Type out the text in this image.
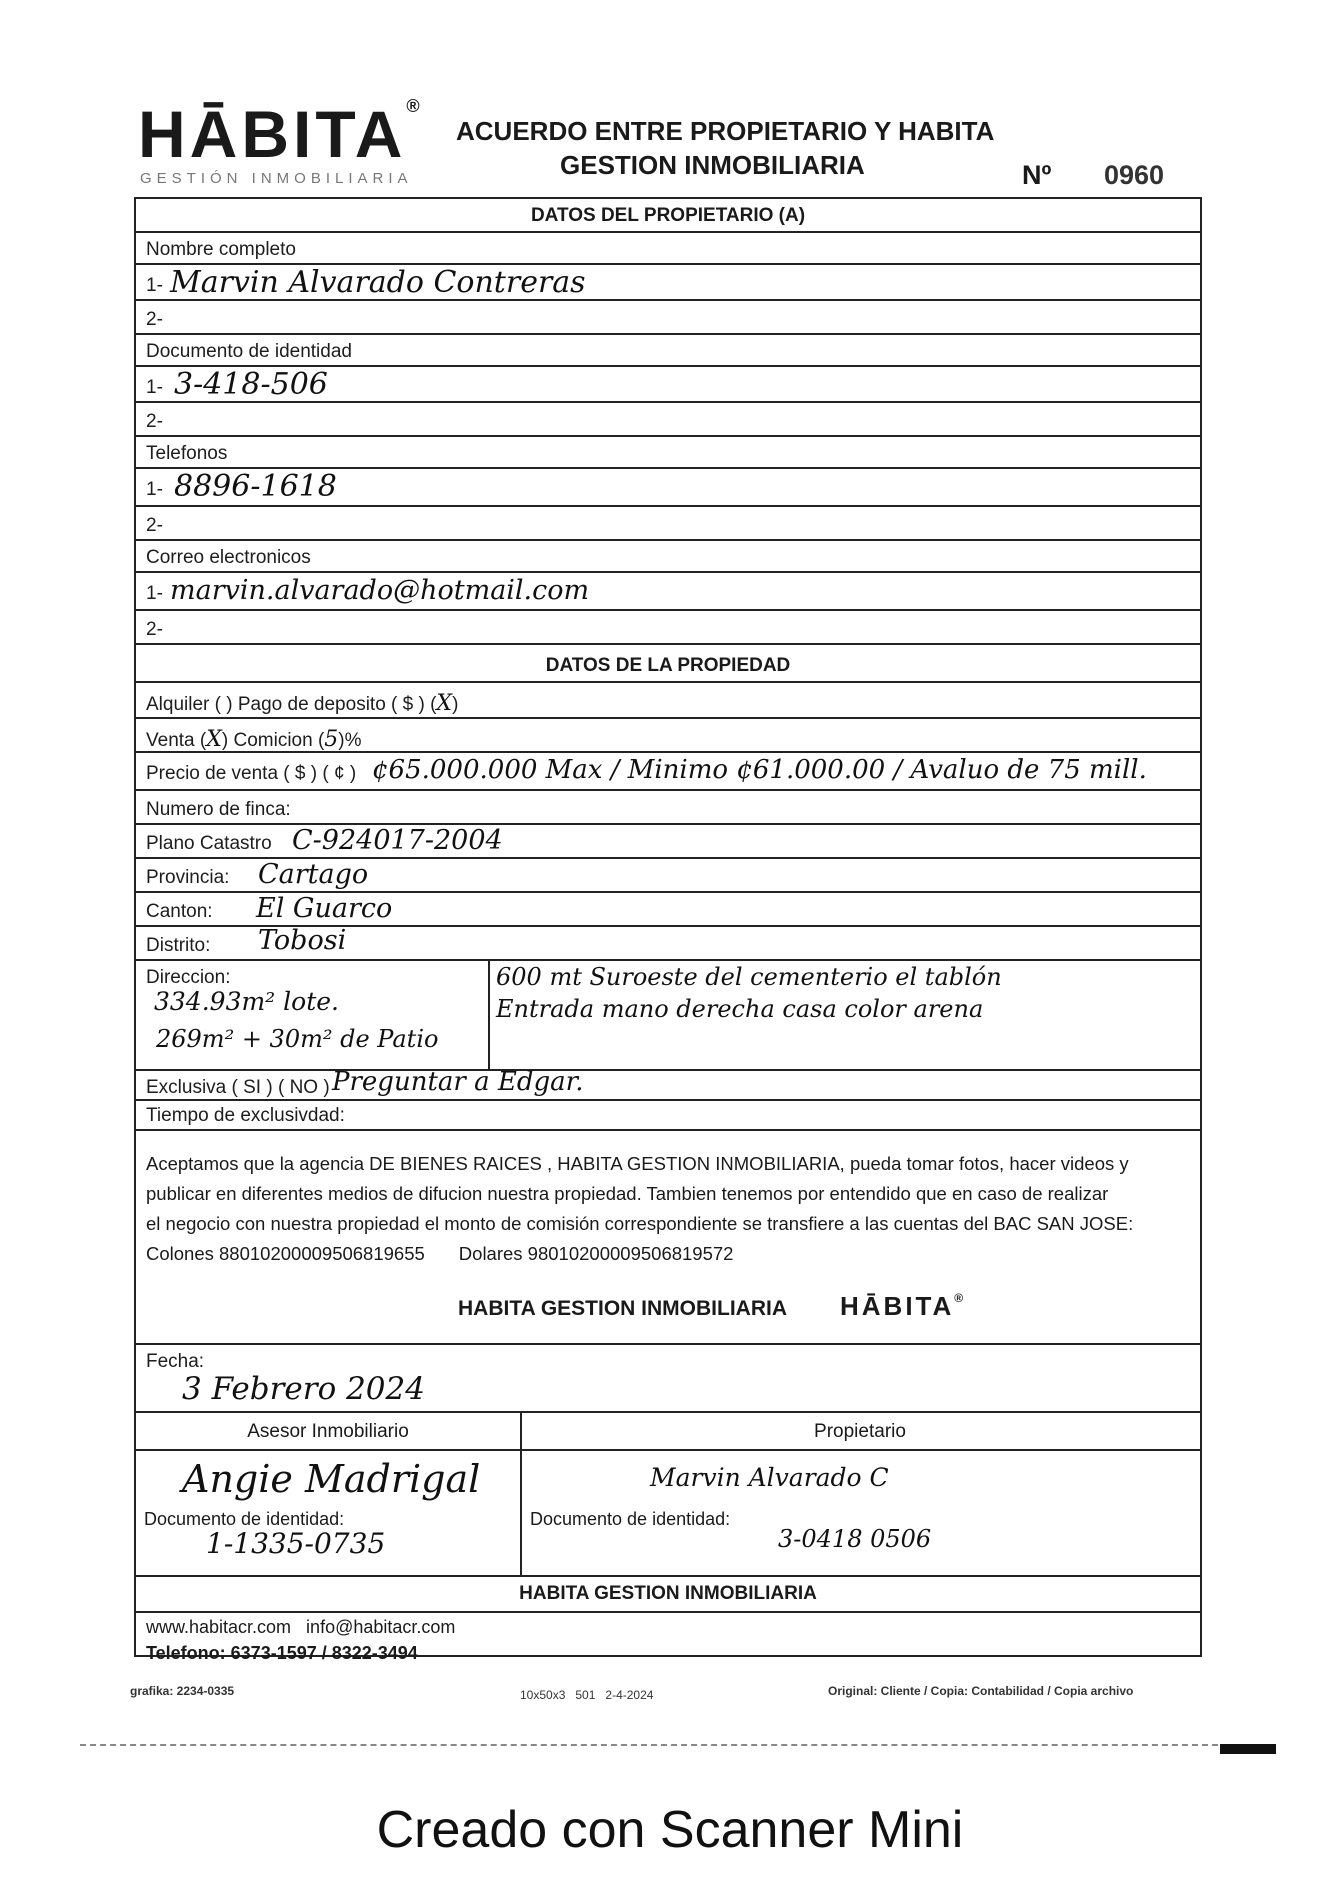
HĀBITA®
GESTIÓN INMOBILIARIA
ACUERDO ENTRE PROPIETARIO Y HABITA
GESTION INMOBILIARIA	Nº 0960
DATOS DEL PROPIETARIO (A)
Nombre completo
1- Marvin Alvarado Contreras
2-
Documento de identidad
1- 3-418-506
2-
Telefonos
1- 8896-1618
2-
Correo electronicos
1- marvin.alvarado@hotmail.com
2-
DATOS DE LA PROPIEDAD
Alquiler ( ) Pago de deposito ( $ ) (X)
Venta (X) Comicion (5)%
Precio de venta ( $ ) ( ¢ ) ¢65.000.000 Max / Minimo ¢61.000.00 / Avaluo de 75 mill.
Numero de finca:
Plano Catastro C-924017-2004
Provincia: Cartago
Canton: El Guarco
Distrito: Tobosi
Direccion:
334.93m² lote.
269m² + 30m² de Patio
600 mt Suroeste del cementerio el tablón
Entrada mano derecha casa color arena
Exclusiva ( SI ) ( NO ) Preguntar a Edgar.
Tiempo de exclusivdad:
Aceptamos que la agencia DE BIENES RAICES , HABITA GESTION INMOBILIARIA, pueda tomar fotos, hacer videos y
publicar en diferentes medios de difucion nuestra propiedad. Tambien tenemos por entendido que en caso de realizar
el negocio con nuestra propiedad el monto de comisión correspondiente se transfiere a las cuentas del BAC SAN JOSE:
Colones 88010200009506819655 Dolares 98010200009506819572
HABITA GESTION INMOBILIARIA HĀBITA®
Fecha:
3 Febrero 2024
Asesor Inmobiliario	Propietario
Angie Madrigal	Marvin Alvarado C
Documento de identidad:
1-1335-0735
Documento de identidad:
3-0418 0506
HABITA GESTION INMOBILIARIA
www.habitacr.com   info@habitacr.com
Telefono: 6373-1597 / 8322-3494
grafika: 2234-0335	10x50x3   501   2-4-2024	Original: Cliente / Copia: Contabilidad / Copia archivo
Creado con Scanner Mini
